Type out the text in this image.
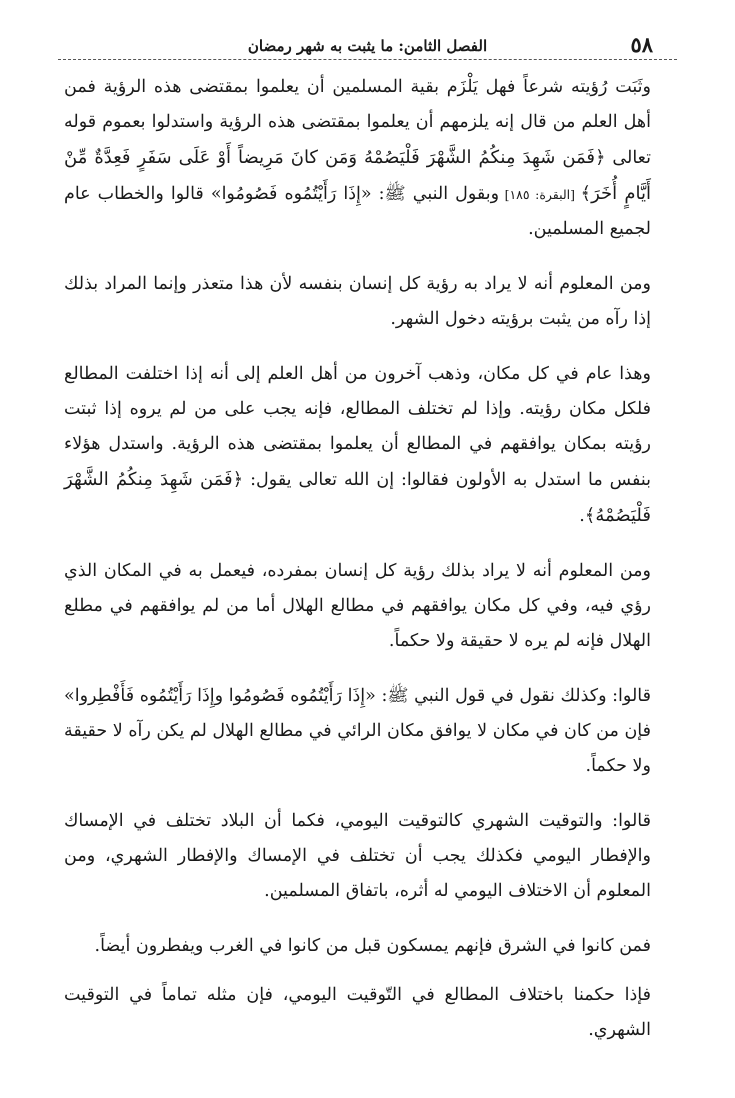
٥٨
الفصل الثامن: ما يثبت به شهر رمضان

وثَبَت رُؤيته شرعاً فهل يَلْزَم بقية المسلمين أن يعلموا بمقتضى هذه الرؤية فمن أهل العلم من قال إنه يلزمهم أن يعلموا بمقتضى هذه الرؤية واستدلوا بعموم قوله تعالى ﴿فَمَن شَهِدَ مِنكُمُ الشَّهْرَ فَلْيَصُمْهُ وَمَن كانَ مَرِيضاً أَوْ عَلَى سَفَرٍ فَعِدَّةٌ مِّنْ أَيَّامٍ أُخَرَ﴾ [البقرة: ١٨٥] وبقول النبي ﷺ: «إِذَا رَأَيْتُمُوه فَصُومُوا» قالوا والخطاب عام لجميع المسلمين.

ومن المعلوم أنه لا يراد به رؤية كل إنسان بنفسه لأن هذا متعذر وإنما المراد بذلك إذا رآه من يثبت برؤيته دخول الشهر.

وهذا عام في كل مكان، وذهب آخرون من أهل العلم إلى أنه إذا اختلفت المطالع فلكل مكان رؤيته. وإذا لم تختلف المطالع، فإنه يجب على من لم يروه إذا ثبتت رؤيته بمكان يوافقهم في المطالع أن يعلموا بمقتضى هذه الرؤية. واستدل هؤلاء بنفس ما استدل به الأولون فقالوا: إن الله تعالى يقول: ﴿فَمَن شَهِدَ مِنكُمُ الشَّهْرَ فَلْيَصُمْهُ﴾.

ومن المعلوم أنه لا يراد بذلك رؤية كل إنسان بمفرده، فيعمل به في المكان الذي رؤي فيه، وفي كل مكان يوافقهم في مطالع الهلال أما من لم يوافقهم في مطلع الهلال فإنه لم يره لا حقيقة ولا حكماً.

قالوا: وكذلك نقول في قول النبي ﷺ: «إِذَا رَأَيْتُمُوه فَصُومُوا وإِذَا رَأَيْتُمُوه فَأَفْطِروا» فإن من كان في مكان لا يوافق مكان الرائي في مطالع الهلال لم يكن رآه لا حقيقة ولا حكماً.

قالوا: والتوقيت الشهري كالتوقيت اليومي، فكما أن البلاد تختلف في الإمساك والإفطار اليومي فكذلك يجب أن تختلف في الإمساك والإفطار الشهري، ومن المعلوم أن الاختلاف اليومي له أثره، باتفاق المسلمين.

فمن كانوا في الشرق فإنهم يمسكون قبل من كانوا في الغرب ويفطرون أيضاً.

فإذا حكمنا باختلاف المطالع في التّوقيت اليومي، فإن مثله تماماً في التوقيت الشهري.
